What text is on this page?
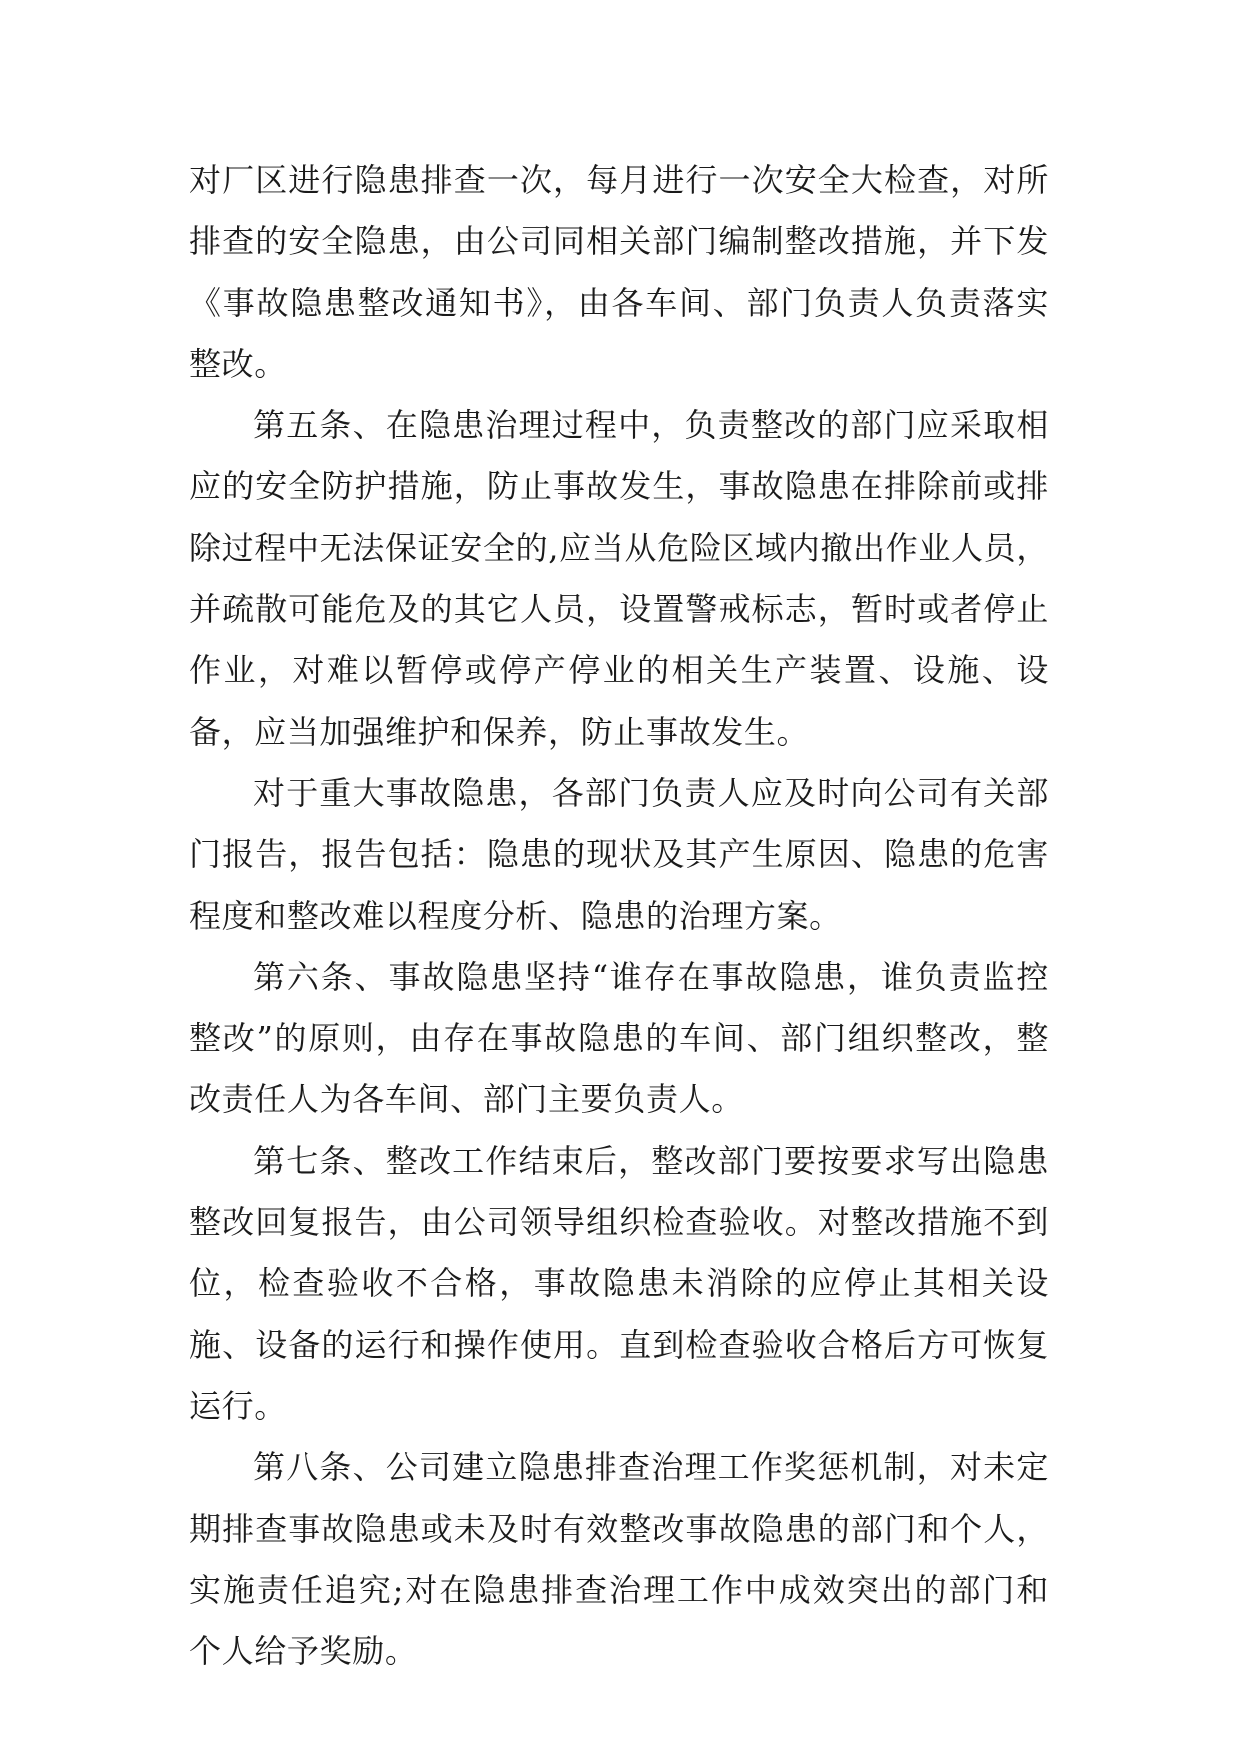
对厂区进行隐患排查一次，每月进行一次安全大检查，对所排查的安全隐患，由公司同相关部门编制整改措施，并下发《事故隐患整改通知书》，由各车间、部门负责人负责落实整改。

第五条、在隐患治理过程中，负责整改的部门应采取相应的安全防护措施，防止事故发生，事故隐患在排除前或排除过程中无法保证安全的,应当从危险区域内撤出作业人员，并疏散可能危及的其它人员，设置警戒标志，暂时或者停止作业，对难以暂停或停产停业的相关生产装置、设施、设备，应当加强维护和保养，防止事故发生。

对于重大事故隐患，各部门负责人应及时向公司有关部门报告，报告包括：隐患的现状及其产生原因、隐患的危害程度和整改难以程度分析、隐患的治理方案。

第六条、事故隐患坚持“谁存在事故隐患，谁负责监控整改”的原则，由存在事故隐患的车间、部门组织整改，整改责任人为各车间、部门主要负责人。

第七条、整改工作结束后，整改部门要按要求写出隐患整改回复报告，由公司领导组织检查验收。对整改措施不到位，检查验收不合格，事故隐患未消除的应停止其相关设施、设备的运行和操作使用。直到检查验收合格后方可恢复运行。

第八条、公司建立隐患排查治理工作奖惩机制，对未定期排查事故隐患或未及时有效整改事故隐患的部门和个人，实施责任追究;对在隐患排查治理工作中成效突出的部门和个人给予奖励。
